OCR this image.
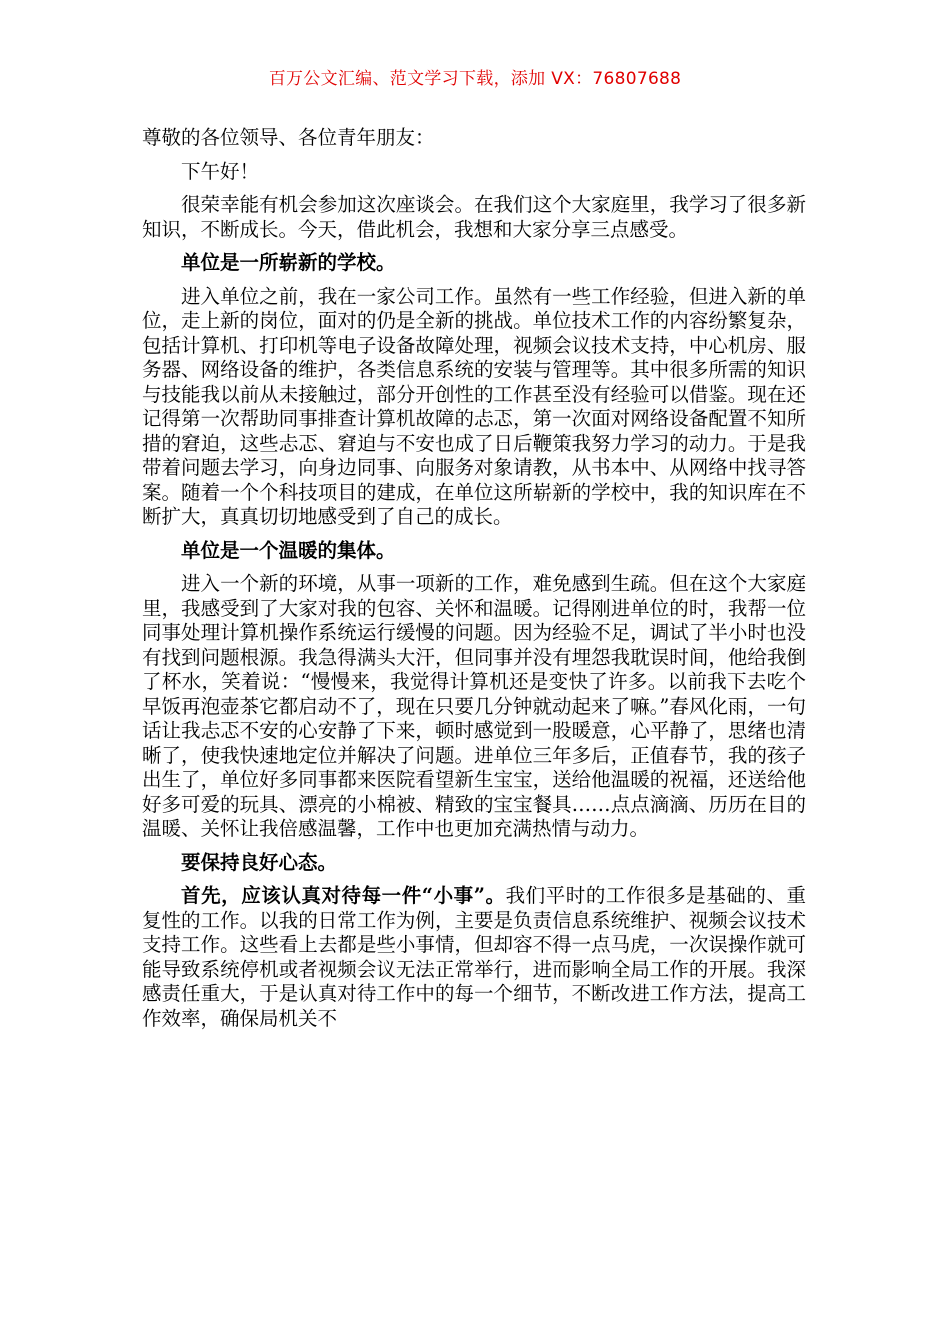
百万公文汇编、范文学习下载，添加 VX：76807688

尊敬的各位领导、各位青年朋友：

下午好！

很荣幸能有机会参加这次座谈会。在我们这个大家庭里，我学习了很多新知识，不断成长。今天，借此机会，我想和大家分享三点感受。

单位是一所崭新的学校。

进入单位之前，我在一家公司工作。虽然有一些工作经验，但进入新的单位，走上新的岗位，面对的仍是全新的挑战。单位技术工作的内容纷繁复杂，包括计算机、打印机等电子设备故障处理，视频会议技术支持，中心机房、服务器、网络设备的维护，各类信息系统的安装与管理等。其中很多所需的知识与技能我以前从未接触过，部分开创性的工作甚至没有经验可以借鉴。现在还记得第一次帮助同事排查计算机故障的忐忑，第一次面对网络设备配置不知所措的窘迫，这些忐忑、窘迫与不安也成了日后鞭策我努力学习的动力。于是我带着问题去学习，向身边同事、向服务对象请教，从书本中、从网络中找寻答案。随着一个个科技项目的建成，在单位这所崭新的学校中，我的知识库在不断扩大，真真切切地感受到了自己的成长。

单位是一个温暖的集体。

进入一个新的环境，从事一项新的工作，难免感到生疏。但在这个大家庭里，我感受到了大家对我的包容、关怀和温暖。记得刚进单位的时，我帮一位同事处理计算机操作系统运行缓慢的问题。因为经验不足，调试了半小时也没有找到问题根源。我急得满头大汗，但同事并没有埋怨我耽误时间，他给我倒了杯水，笑着说：“慢慢来，我觉得计算机还是变快了许多。以前我下去吃个早饭再泡壶茶它都启动不了，现在只要几分钟就动起来了嘛。”春风化雨，一句话让我忐忑不安的心安静了下来，顿时感觉到一股暖意，心平静了，思绪也清晰了，使我快速地定位并解决了问题。进单位三年多后，正值春节，我的孩子出生了，单位好多同事都来医院看望新生宝宝，送给他温暖的祝福，还送给他好多可爱的玩具、漂亮的小棉被、精致的宝宝餐具……点点滴滴、历历在目的温暖、关怀让我倍感温馨，工作中也更加充满热情与动力。

要保持良好心态。

首先，应该认真对待每一件“小事”。我们平时的工作很多是基础的、重复性的工作。以我的日常工作为例，主要是负责信息系统维护、视频会议技术支持工作。这些看上去都是些小事情，但却容不得一点马虎，一次误操作就可能导致系统停机或者视频会议无法正常举行，进而影响全局工作的开展。我深感责任重大，于是认真对待工作中的每一个细节，不断改进工作方法，提高工作效率，确保局机关不
